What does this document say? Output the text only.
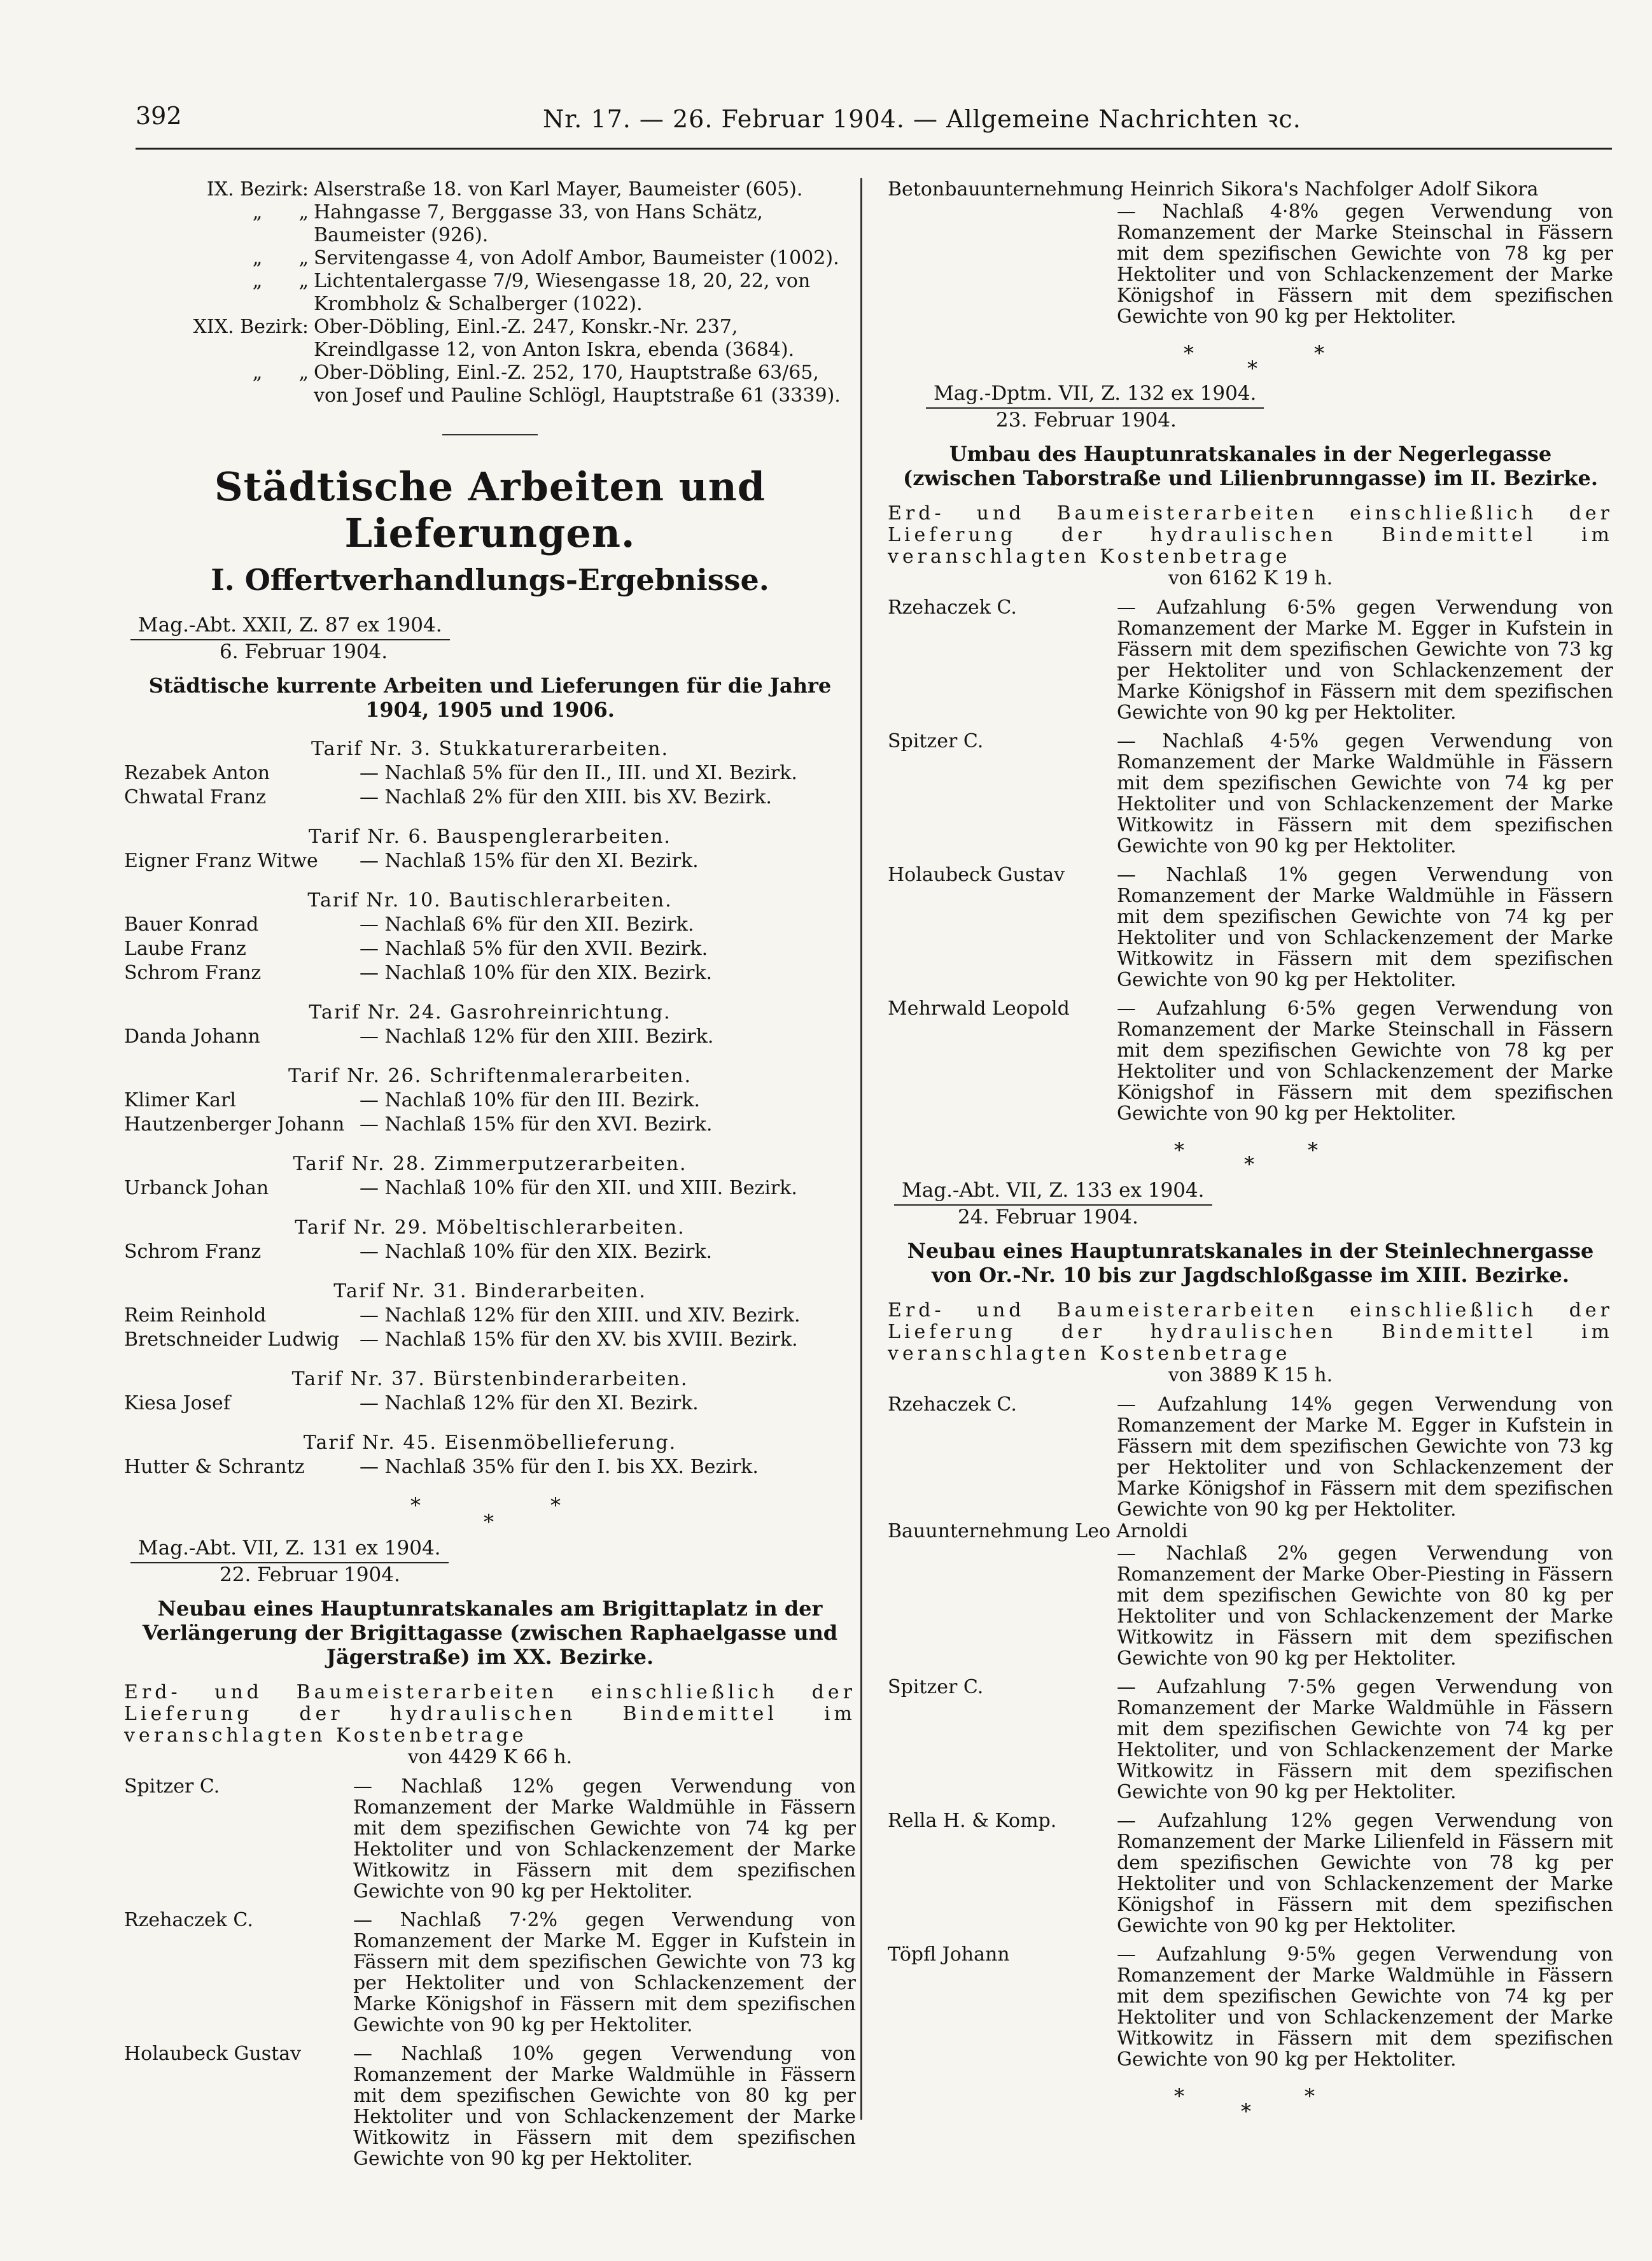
392	Nr. 17. — 26. Februar 1904. — Allgemeine Nachrichten ꝛc.
IX. Bezirk: Alserstraße 18. von Karl Mayer, Baumeister (605).
„      „ Hahngasse 7, Berggasse 33, von Hans Schätz, Baumeister (926).
„      „ Servitengasse 4, von Adolf Ambor, Baumeister (1002).
„      „ Lichtentalergasse 7/9, Wiesengasse 18, 20, 22, von Krombholz & Schalberger (1022).
XIX. Bezirk: Ober-Döbling, Einl.-Z. 247, Konskr.-Nr. 237, Kreindlgasse 12, von Anton Iskra, ebenda (3684).
„      „ Ober-Döbling, Einl.-Z. 252, 170, Hauptstraße 63/65, von Josef und Pauline Schlögl, Hauptstraße 61 (3339).
Städtische Arbeiten und Lieferungen.
I. Offertverhandlungs-Ergebnisse.
Mag.-Abt. XXII, Z. 87 ex 1904.
6. Februar 1904.
Städtische kurrente Arbeiten und Lieferungen für die Jahre 1904, 1905 und 1906.
Tarif Nr. 3. Stukkaturerarbeiten.
Rezabek Anton	— Nachlaß 5% für den II., III. und XI. Bezirk.
Chwatal Franz	— Nachlaß 2% für den XIII. bis XV. Bezirk.
Tarif Nr. 6. Bauspenglerarbeiten.
Eigner Franz Witwe	— Nachlaß 15% für den XI. Bezirk.
Tarif Nr. 10. Bautischlerarbeiten.
Bauer Konrad	— Nachlaß 6% für den XII. Bezirk.
Laube Franz	— Nachlaß 5% für den XVII. Bezirk.
Schrom Franz	— Nachlaß 10% für den XIX. Bezirk.
Tarif Nr. 24. Gasrohreinrichtung.
Danda Johann	— Nachlaß 12% für den XIII. Bezirk.
Tarif Nr. 26. Schriftenmalerarbeiten.
Klimer Karl	— Nachlaß 10% für den III. Bezirk.
Hautzenberger Johann — Nachlaß 15% für den XVI. Bezirk.
Tarif Nr. 28. Zimmerputzerarbeiten.
Urbanck Johan	— Nachlaß 10% für den XII. und XIII. Bezirk.
Tarif Nr. 29. Möbeltischlerarbeiten.
Schrom Franz	— Nachlaß 10% für den XIX. Bezirk.
Tarif Nr. 31. Binderarbeiten.
Reim Reinhold	— Nachlaß 12% für den XIII. und XIV. Bezirk.
Bretschneider Ludwig	— Nachlaß 15% für den XV. bis XVIII. Bezirk.
Tarif Nr. 37. Bürstenbinderarbeiten.
Kiesa Josef	— Nachlaß 12% für den XI. Bezirk.
Tarif Nr. 45. Eisenmöbellieferung.
Hutter & Schrantz	— Nachlaß 35% für den I. bis XX. Bezirk.
*
*
*
Mag.-Abt. VII, Z. 131 ex 1904.
22. Februar 1904.
Neubau eines Hauptunratskanales am Brigittaplatz in der Verlängerung der Brigittagasse (zwischen Raphaelgasse und Jägerstraße) im XX. Bezirke.
Erd- und Baumeisterarbeiten einschließlich der Lieferung der hydraulischen Bindemittel im veranschlagten Kostenbetrage
von 4429 K 66 h.
Spitzer C.	— Nachlaß 12% gegen Verwendung von Romanzement der Marke Waldmühle in Fässern mit dem spezifischen Gewichte von 74 kg per Hektoliter und von Schlackenzement der Marke Witkowitz in Fässern mit dem spezifischen Gewichte von 90 kg per Hektoliter.
Rzehaczek C.	— Nachlaß 7·2% gegen Verwendung von Romanzement der Marke M. Egger in Kufstein in Fässern mit dem spezifischen Gewichte von 73 kg per Hektoliter und von Schlackenzement der Marke Königshof in Fässern mit dem spezifischen Gewichte von 90 kg per Hektoliter.
Holaubeck Gustav	— Nachlaß 10% gegen Verwendung von Romanzement der Marke Waldmühle in Fässern mit dem spezifischen Gewichte von 80 kg per Hektoliter und von Schlackenzement der Marke Witkowitz in Fässern mit dem spezifischen Gewichte von 90 kg per Hektoliter.
Betonbauunternehmung Heinrich Sikora's Nachfolger Adolf Sikora
— Nachlaß 4·8% gegen Verwendung von Romanzement der Marke Steinschal in Fässern mit dem spezifischen Gewichte von 78 kg per Hektoliter und von Schlackenzement der Marke Königshof in Fässern mit dem spezifischen Gewichte von 90 kg per Hektoliter.
*
*
*
Mag.-Dptm. VII, Z. 132 ex 1904.
23. Februar 1904.
Umbau des Hauptunratskanales in der Negerlegasse (zwischen Taborstraße und Lilienbrunngasse) im II. Bezirke.
Erd- und Baumeisterarbeiten einschließlich der Lieferung der hydraulischen Bindemittel im veranschlagten Kostenbetrage
von 6162 K 19 h.
Rzehaczek C.	— Aufzahlung 6·5% gegen Verwendung von Romanzement der Marke M. Egger in Kufstein in Fässern mit dem spezifischen Gewichte von 73 kg per Hektoliter und von Schlackenzement der Marke Königshof in Fässern mit dem spezifischen Gewichte von 90 kg per Hektoliter.
Spitzer C.	— Nachlaß 4·5% gegen Verwendung von Romanzement der Marke Waldmühle in Fässern mit dem spezifischen Gewichte von 74 kg per Hektoliter und von Schlackenzement der Marke Witkowitz in Fässern mit dem spezifischen Gewichte von 90 kg per Hektoliter.
Holaubeck Gustav	— Nachlaß 1% gegen Verwendung von Romanzement der Marke Waldmühle in Fässern mit dem spezifischen Gewichte von 74 kg per Hektoliter und von Schlackenzement der Marke Witkowitz in Fässern mit dem spezifischen Gewichte von 90 kg per Hektoliter.
Mehrwald Leopold	— Aufzahlung 6·5% gegen Verwendung von Romanzement der Marke Steinschall in Fässern mit dem spezifischen Gewichte von 78 kg per Hektoliter und von Schlackenzement der Marke Königshof in Fässern mit dem spezifischen Gewichte von 90 kg per Hektoliter.
*
*
*
Mag.-Abt. VII, Z. 133 ex 1904.
24. Februar 1904.
Neubau eines Hauptunratskanales in der Steinlechnergasse von Or.-Nr. 10 bis zur Jagdschloßgasse im XIII. Bezirke.
Erd- und Baumeisterarbeiten einschließlich der Lieferung der hydraulischen Bindemittel im veranschlagten Kostenbetrage
von 3889 K 15 h.
Rzehaczek C.	— Aufzahlung 14% gegen Verwendung von Romanzement der Marke M. Egger in Kufstein in Fässern mit dem spezifischen Gewichte von 73 kg per Hektoliter und von Schlackenzement der Marke Königshof in Fässern mit dem spezifischen Gewichte von 90 kg per Hektoliter.
Bauunternehmung Leo Arnoldi
— Nachlaß 2% gegen Verwendung von Romanzement der Marke Ober-Piesting in Fässern mit dem spezifischen Gewichte von 80 kg per Hektoliter und von Schlackenzement der Marke Witkowitz in Fässern mit dem spezifischen Gewichte von 90 kg per Hektoliter.
Spitzer C.	— Aufzahlung 7·5% gegen Verwendung von Romanzement der Marke Waldmühle in Fässern mit dem spezifischen Gewichte von 74 kg per Hektoliter, und von Schlackenzement der Marke Witkowitz in Fässern mit dem spezifischen Gewichte von 90 kg per Hektoliter.
Rella H. & Komp.	— Aufzahlung 12% gegen Verwendung von Romanzement der Marke Lilienfeld in Fässern mit dem spezifischen Gewichte von 78 kg per Hektoliter und von Schlackenzement der Marke Königshof in Fässern mit dem spezifischen Gewichte von 90 kg per Hektoliter.
Töpfl Johann	— Aufzahlung 9·5% gegen Verwendung von Romanzement der Marke Waldmühle in Fässern mit dem spezifischen Gewichte von 74 kg per Hektoliter und von Schlackenzement der Marke Witkowitz in Fässern mit dem spezifischen Gewichte von 90 kg per Hektoliter.
*
*
*
